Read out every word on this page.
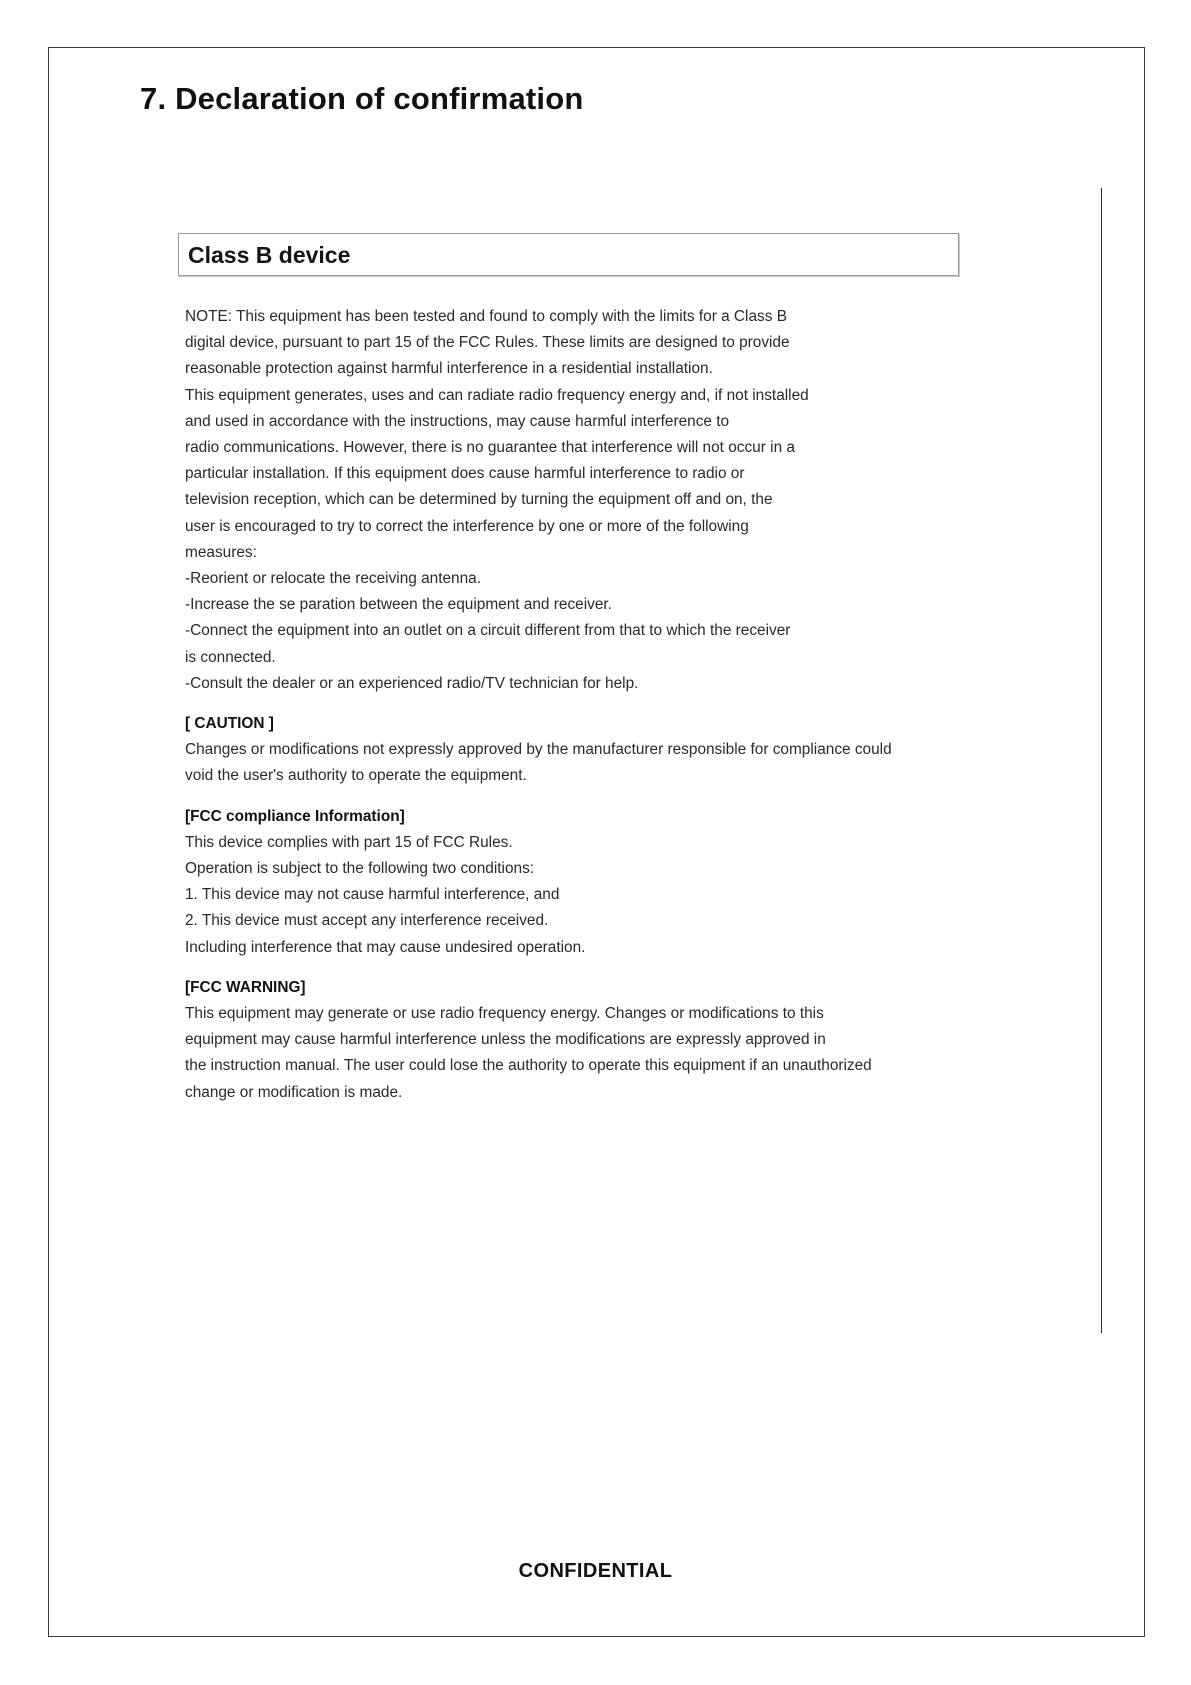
7. Declaration of confirmation
Class B device

NOTE: This equipment has been tested and found to comply with the limits for a Class B
digital device, pursuant to part 15 of the FCC Rules. These limits are designed to provide
reasonable protection against harmful interference in a residential installation.
This equipment generates, uses and can radiate radio frequency energy and, if not installed
and used in accordance with the instructions, may cause harmful interference to
radio communications. However, there is no guarantee that interference will not occur in a
particular installation. If this equipment does cause harmful interference to radio or
television reception, which can be determined by turning the equipment off and on, the
user is encouraged to try to correct the interference by one or more of the following
measures:
-Reorient or relocate the receiving antenna.
-Increase the se paration between the equipment and receiver.
-Connect the equipment into an outlet on a circuit different from that to which the receiver
is connected.
-Consult the dealer or an experienced radio/TV technician for help.

[ CAUTION ]

Changes or modifications not expressly approved by the manufacturer responsible for compliance could
void the user's authority to operate the equipment.

[FCC compliance Information]

This device complies with part 15 of FCC Rules.
Operation is subject to the following two conditions:
1. This device may not cause harmful interference, and
2. This device must accept any interference received.
Including interference that may cause undesired operation.

[FCC WARNING]

This equipment may generate or use radio frequency energy. Changes or modifications to this
equipment may cause harmful interference unless the modifications are expressly approved in
the instruction manual. The user could lose the authority to operate this equipment if an unauthorized
change or modification is made.

CONFIDENTIAL
